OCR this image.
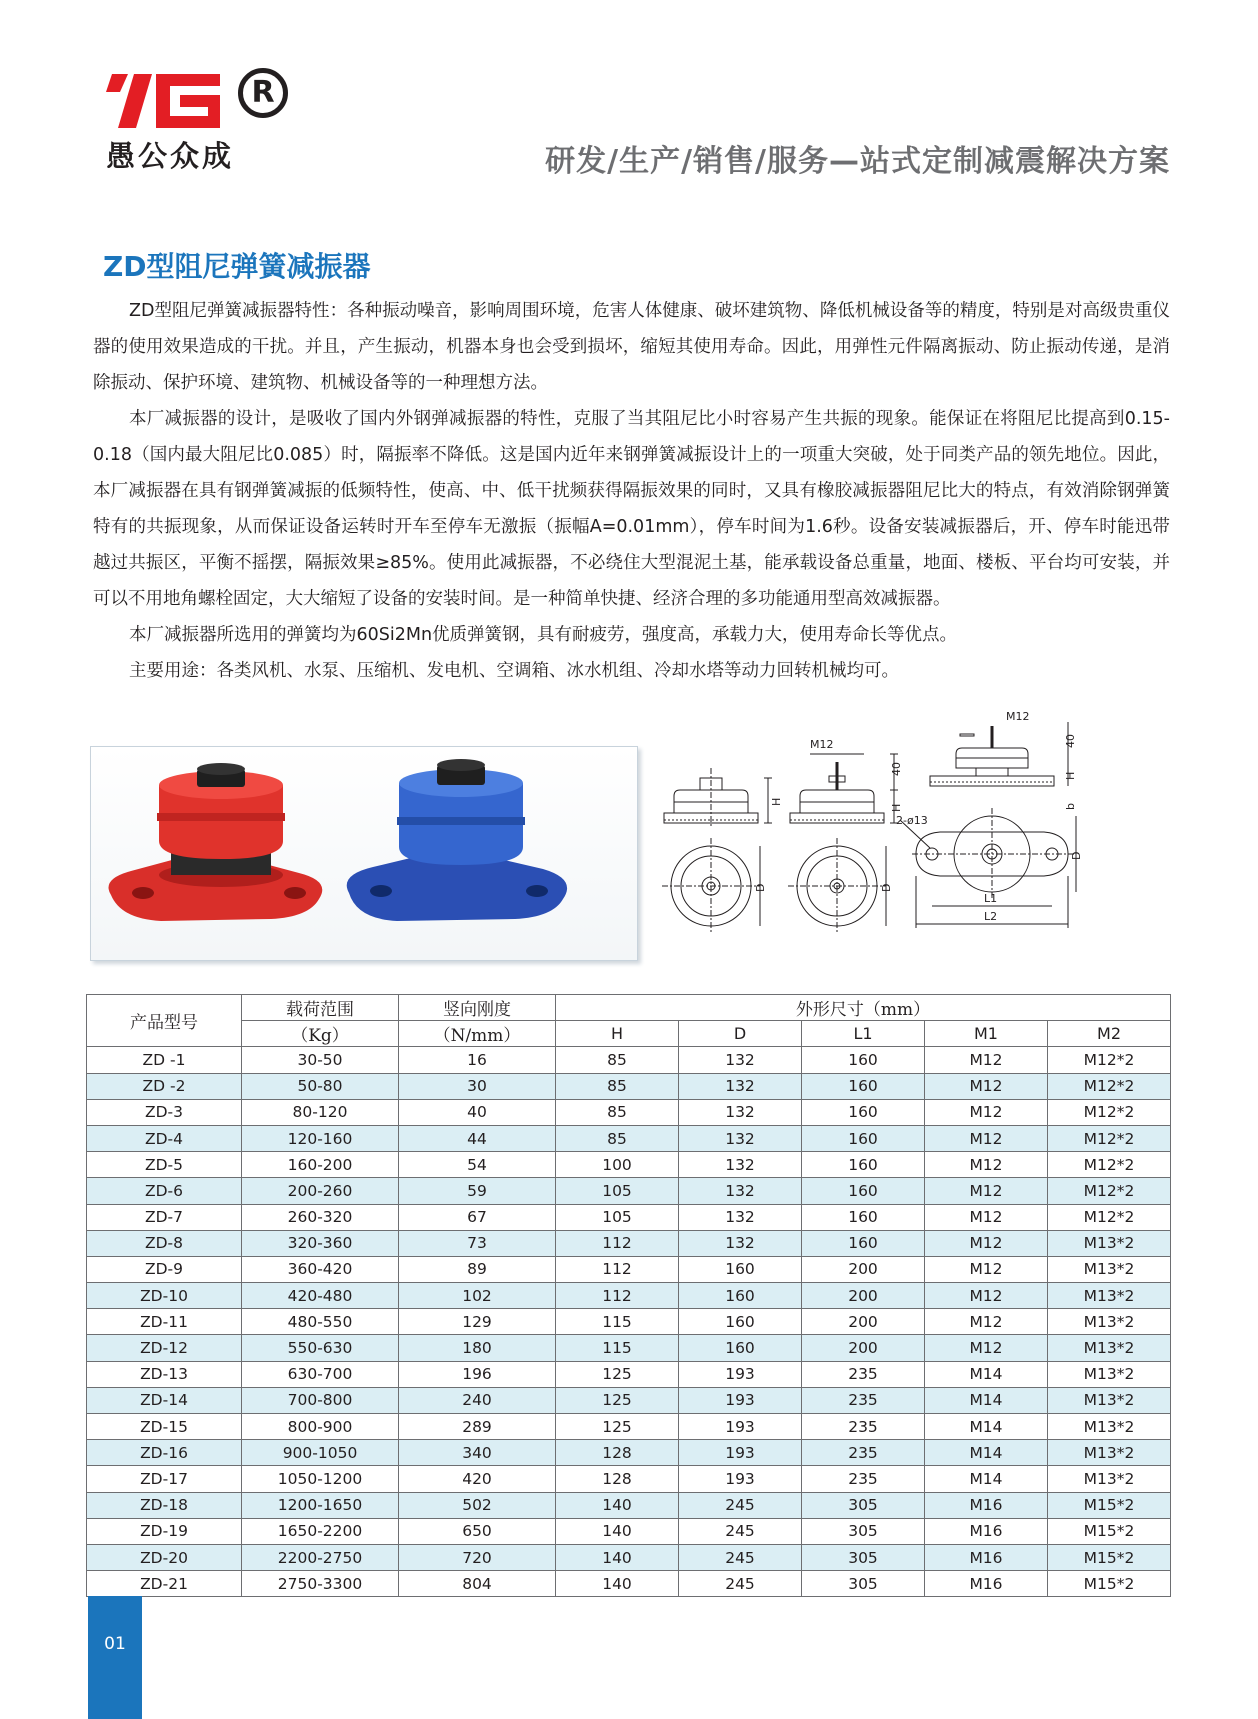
R
愚公众成	研发/生产/销售/服务—站式定制减震解决方案
ZD型阻尼弹簧减振器

ZD型阻尼弹簧减振器特性：各种振动噪音，影响周围环境，危害人体健康、破坏建筑物、降低机械设备等的精度，特别是对高级贵重仪器的使用效果造成的干扰。并且，产生振动，机器本身也会受到损坏，缩短其使用寿命。因此，用弹性元件隔离振动、防止振动传递，是消除振动、保护环境、建筑物、机械设备等的一种理想方法。

本厂减振器的设计，是吸收了国内外钢弹减振器的特性，克服了当其阻尼比小时容易产生共振的现象。能保证在将阻尼比提高到0.15-0.18（国内最大阻尼比0.085）时，隔振率不降低。这是国内近年来钢弹簧减振设计上的一项重大突破，处于同类产品的领先地位。因此，本厂减振器在具有钢弹簧减振的低频特性，使高、中、低干扰频获得隔振效果的同时，又具有橡胶减振器阻尼比大的特点，有效消除钢弹簧特有的共振现象，从而保证设备运转时开车至停车无激振（振幅A=0.01mm），停车时间为1.6秒。设备安装减振器后，开、停车时能迅带越过共振区，平衡不摇摆，隔振效果≥85%。使用此减振器，不必绕住大型混泥土基，能承载设备总重量，地面、楼板、平台均可安装，并可以不用地角螺栓固定，大大缩短了设备的安装时间。是一种简单快捷、经济合理的多功能通用型高效减振器。

本厂减振器所选用的弹簧均为60Si2Mn优质弹簧钢，具有耐疲劳，强度高，承载力大，使用寿命长等优点。

主要用途：各类风机、水泵、压缩机、发电机、空调箱、冰水机组、冷却水塔等动力回转机械均可。

H
D
M12
40
H
D
M12
40
H
b
2-ø13
D
L1
L2
产品型号	载荷范围	竖向刚度	外形尺寸（mm）				
	（Kg）	（N/mm）	H	D	L1	M1	M2
ZD -1	30-50	16	85	132	160	M12	M12*2
ZD -2	50-80	30	85	132	160	M12	M12*2
ZD-3	80-120	40	85	132	160	M12	M12*2
ZD-4	120-160	44	85	132	160	M12	M12*2
ZD-5	160-200	54	100	132	160	M12	M12*2
ZD-6	200-260	59	105	132	160	M12	M12*2
ZD-7	260-320	67	105	132	160	M12	M12*2
ZD-8	320-360	73	112	132	160	M12	M13*2
ZD-9	360-420	89	112	160	200	M12	M13*2
ZD-10	420-480	102	112	160	200	M12	M13*2
ZD-11	480-550	129	115	160	200	M12	M13*2
ZD-12	550-630	180	115	160	200	M12	M13*2
ZD-13	630-700	196	125	193	235	M14	M13*2
ZD-14	700-800	240	125	193	235	M14	M13*2
ZD-15	800-900	289	125	193	235	M14	M13*2
ZD-16	900-1050	340	128	193	235	M14	M13*2
ZD-17	1050-1200	420	128	193	235	M14	M13*2
ZD-18	1200-1650	502	140	245	305	M16	M15*2
ZD-19	1650-2200	650	140	245	305	M16	M15*2
ZD-20	2200-2750	720	140	245	305	M16	M15*2
ZD-21	2750-3300	804	140	245	305	M16	M15*2
01
